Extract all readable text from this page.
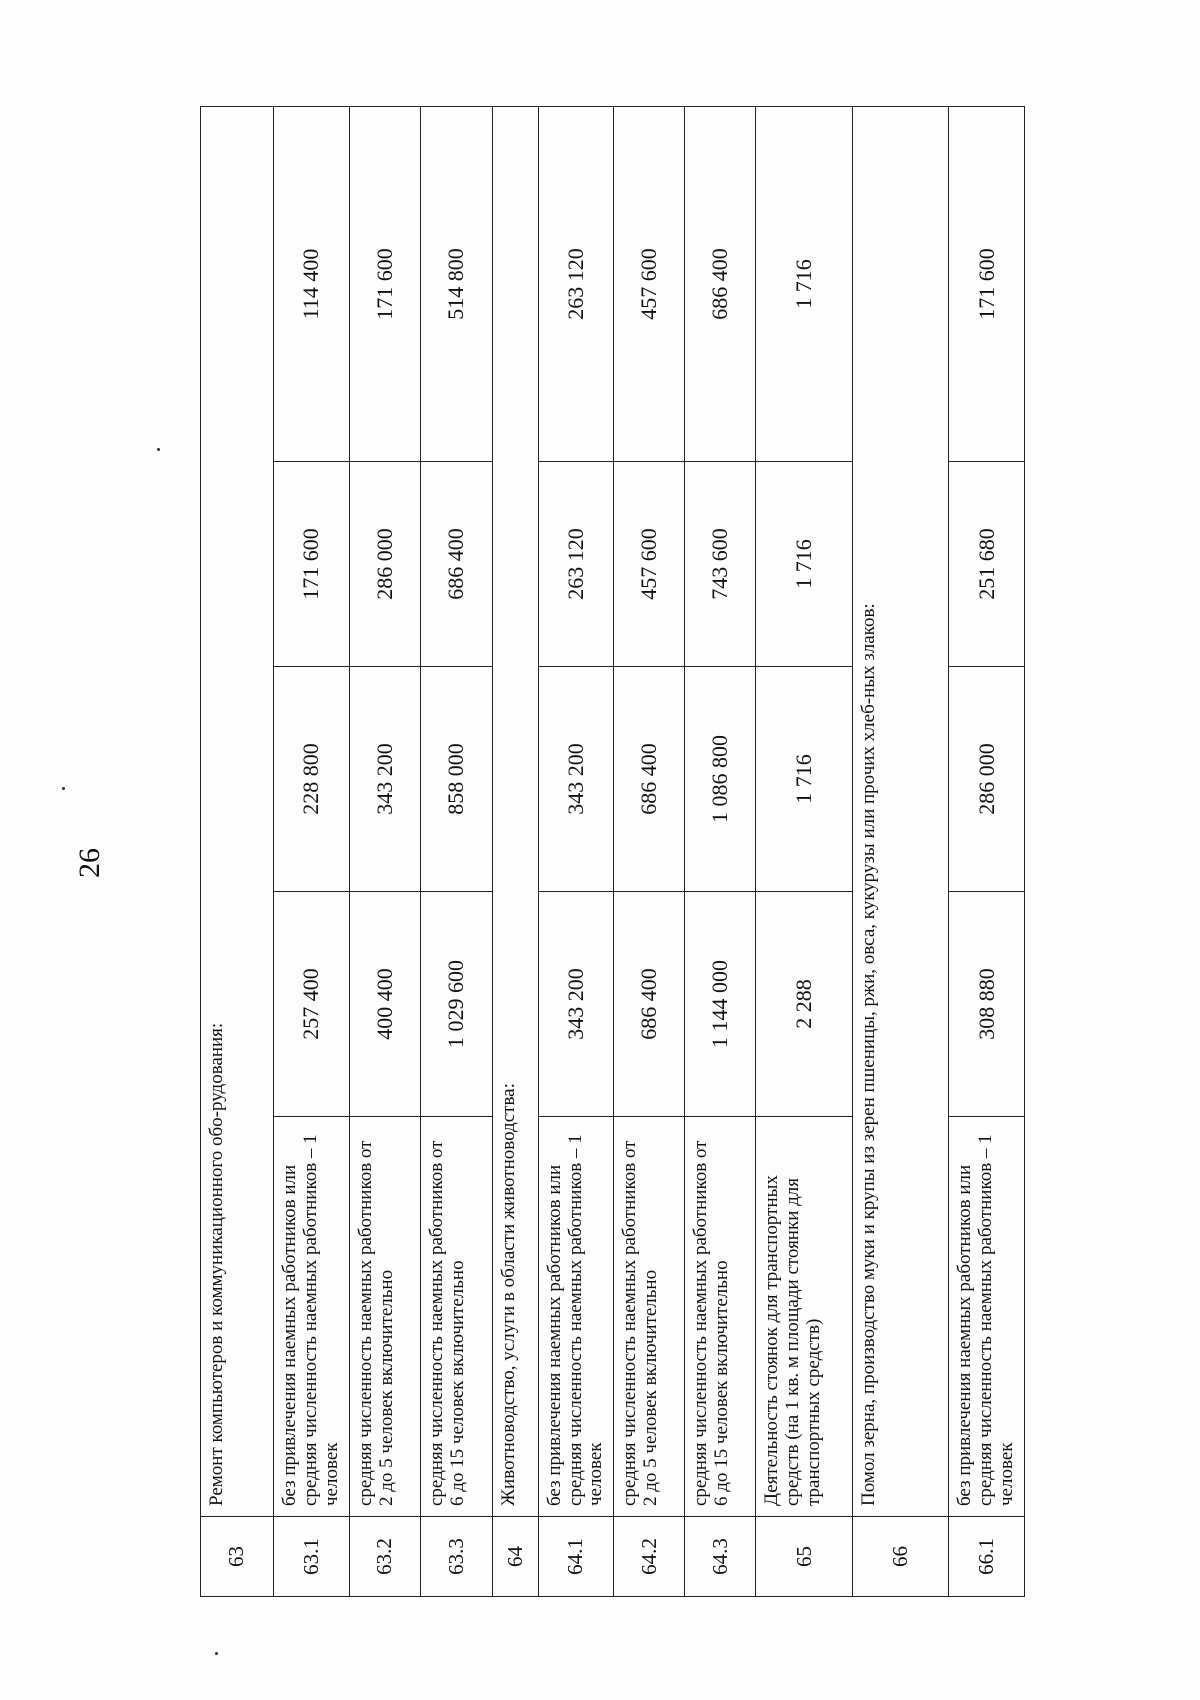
26
63	Ремонт компьютеров и коммуникационного обо-рудования:				
63.1	без привлечения наемных работников или средняя численность наемных работников – 1 человек	257 400	228 800	171 600	114 400
63.2	средняя численность наемных работников от 2 до 5 человек включительно	400 400	343 200	286 000	171 600
63.3	средняя численность наемных работников от 6 до 15 человек включительно	1 029 600	858 000	686 400	514 800
64	Животноводство, услуги в области животноводства:				
64.1	без привлечения наемных работников или средняя численность наемных работников – 1 человек	343 200	343 200	263 120	263 120
64.2	средняя численность наемных работников от 2 до 5 человек включительно	686 400	686 400	457 600	457 600
64.3	средняя численность наемных работников от 6 до 15 человек включительно	1 144 000	1 086 800	743 600	686 400
65	Деятельность стоянок для транспортных средств (на 1 кв. м площади стоянки для транспортных средств)	2 288	1 716	1 716	1 716
66	Помол зерна, производство муки и крупы из зерен пшеницы, ржи, овса, кукурузы или прочих хлеб-ных злаков:				
66.1	без привлечения наемных работников или средняя численность наемных работников – 1 человек	308 880	286 000	251 680	171 600
